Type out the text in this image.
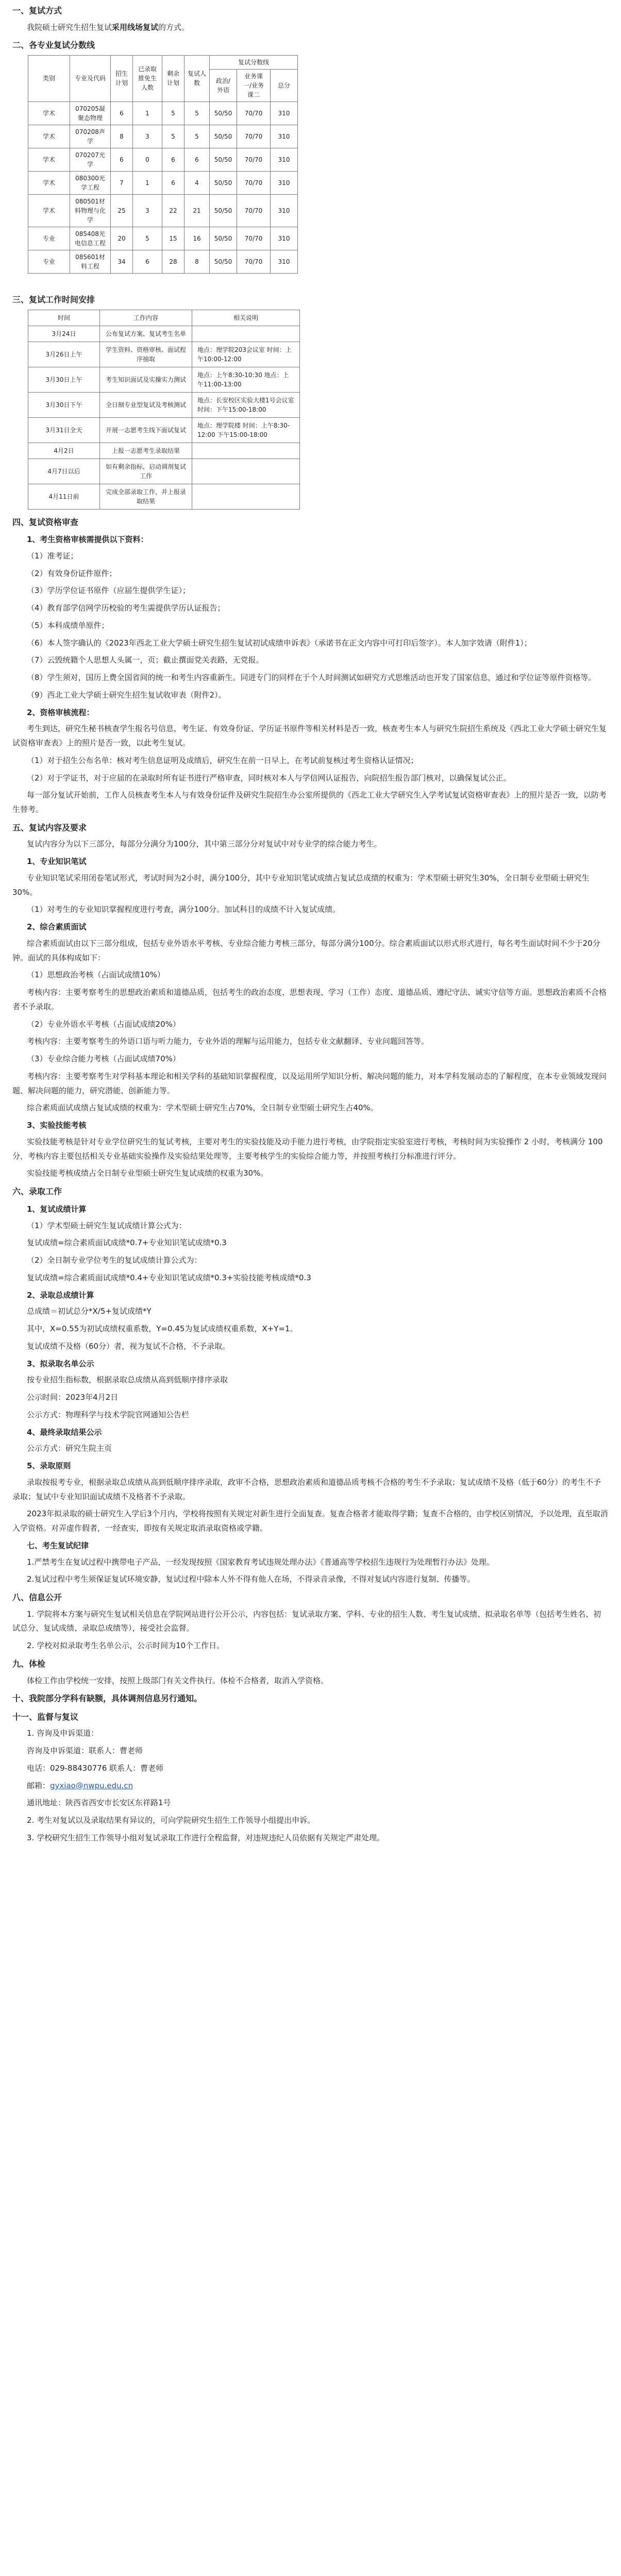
一、复试方式
我院硕士研究生招生复试采用线场复试的方式。
二、各专业复试分数线
类别	专业及代码	招生计划	已录取推免生人数	剩余计划	复试人数	复试分数线		
						政治/外语	业务课一/业务课二	总分
学术	070205凝聚态物理	6	1	5	5	50/50	70/70	310
学术	070208声学	8	3	5	5	50/50	70/70	310
学术	070207光学	6	0	6	6	50/50	70/70	310
学术	080300光学工程	7	1	6	4	50/50	70/70	310
学术	080501材料物理与化学	25	3	22	21	50/50	70/70	310
专业	085408光电信息工程	20	5	15	16	50/50	70/70	310
专业	085601材料工程	34	6	28	8	50/50	70/70	310
三、复试工作时间安排
时间	工作内容	相关说明
3月24日	公布复试方案、复试考生名单	
3月26日上午	学生资料、资格审核、面试程序抽取	地点：理学院203会议室 时间：上午10:00-12:00
3月30日上午	考生知识面试及实操实力测试	地点：上午8:30-10:30 地点：上午11:00-13:00
3月30日下午	全日制专业型复试及考核测试	地点：长安校区实验大楼1号会议室 时间：下午15:00-18:00
3月31日全天	开展一志愿考生线下面试复试	地点：理学院楼 时间：上午8:30-12:00 下午15:00-18:00
4月2日	上报一志愿考生录取结果	
4月7日以后	如有剩余指标，启动调剂复试工作	
4月11日前	完成全部录取工作，并上报录取结果	
四、复试资格审查
1、考生资格审核需提供以下资料：
（1）准考证；
（2）有效身份证件原件；
（3）学历学位证书原件（应届生提供学生证）；
（4）教育部学信网学历校验的考生需提供学历认证报告；
（5）本科成绩单原件；
（6）本人签字确认的《2023年西北工业大学硕士研究生招生复试初试成绩申诉表》（承诺书在正文内容中可打印后签字）。本人加字效请（附件1）；
（7）云毁统籍个人思想人头属一，页；截止撰面党关表路，无党报。
（8）学生须对，国历上费全国省间的统一和考生内容重新生。同进专门的同样在于个人时间测试如研究方式思维活动也开发了国家信息，通过和学位证等原件资格等。
（9）西北工业大学硕士研究生招生复试收审表（附件2）。
2、资格审核流程：
考生到达，研究生秘书核查学生报名号信息，考生证、有效身份证、学历证书原件等相关材料是否一致，核查考生本人与研究生院招生系统及《西北工业大学硕士研究生复试资格审查表》上的照片是否一致，以此考生复试。
（1）对于招生公布名单：核对考生信息证明及成绩后，研究生在前一日早上，在考试前复核过考生资格认证情况；
（2）对于学证书，对于应届的在录取时所有证书进行严格审查，同时核对本人与学信网认证报告，向院招生报告部门核对，以确保复试公正。
每一部分复试开始前，工作人员核查考生本人与有效身份证件及研究生院招生办公室所提供的《西北工业大学研究生入学考试复试资格审查表》上的照片是否一致，以防考生替考。
五、复试内容及要求
复试内容分为以下三部分，每部分分满分为100分，其中第三部分分对复试中对专业学的综合能力考生。
1、专业知识笔试
专业知识笔试采用闭卷笔试形式，考试时间为2小时，满分100分，其中专业知识笔试成绩占复试总成绩的权重为：学术型硕士研究生30%，全日制专业型硕士研究生30%。
（1）对考生的专业知识掌握程度进行考查，满分100分。加试科目的成绩不计入复试成绩。
2、综合素质面试
综合素质面试由以下三部分组成，包括专业外语水平考核、专业综合能力考核三部分，每部分满分100分。综合素质面试以形式形式进行，每名考生面试时间不少于20分钟。面试的具体构成如下：
（1）思想政治考核（占面试成绩10%）
考核内容：主要考察考生的思想政治素质和道德品质，包括考生的政治态度、思想表现、学习（工作）态度、道德品质、遵纪守法、诚实守信等方面。思想政治素质不合格者不予录取。
（2）专业外语水平考核（占面试成绩20%）
考核内容：主要考察考生的外语口语与听力能力，专业外语的理解与运用能力，包括专业文献翻译、专业问题回答等。
（3）专业综合能力考核（占面试成绩70%）
考核内容：主要考察考生对学科基本理论和相关学科的基础知识掌握程度，以及运用所学知识分析、解决问题的能力，对本学科发展动态的了解程度，在本专业领域发现问题、解决问题的能力，研究潜能、创新能力等。
综合素质面试成绩占复试成绩的权重为：学术型硕士研究生占70%，全日制专业型硕士研究生占40%。
3、实验技能考核
实验技能考核是针对专业学位研究生的复试考核，主要对考生的实验技能及动手能力进行考核，由学院指定实验室进行考核，考核时间为实验操作 2 小时，考核满分 100 分，考核内容主要包括相关专业基础实验操作及实验结果处理等，主要考核学生的实验综合能力等，并按照考核打分标准进行评分。
实验技能考核成绩占全日制专业型硕士研究生复试成绩的权重为30%。
六、录取工作
1、复试成绩计算
（1）学术型硕士研究生复试成绩计算公式为：
复试成绩=综合素质面试成绩*0.7+专业知识笔试成绩*0.3
（2）全日制专业学位考生的复试成绩计算公式为：
复试成绩=综合素质面试成绩*0.4+专业知识笔试成绩*0.3+实验技能考核成绩*0.3
2、录取总成绩计算
总成绩＝初试总分*X/5+复试成绩*Y
其中，X=0.55为初试成绩权重系数，Y=0.45为复试成绩权重系数，X+Y=1。
复试成绩不及格（60分）者，视为复试不合格，不予录取。
3、拟录取名单公示
按专业招生指标数，根据录取总成绩从高到低顺序排序录取
公示时间：2023年4月2日
公示方式：物理科学与技术学院官网通知公告栏
4、最终录取结果公示
公示方式：研究生院主页
5、录取原则
录取按报考专业，根据录取总成绩从高到低顺序排序录取，政审不合格，思想政治素质和道德品质考核不合格的考生不予录取；复试成绩不及格（低于60分）的考生不予录取；复试中专业知识面试成绩不及格者不予录取。
2023年拟录取的硕士研究生入学后3个月内，学校将按照有关规定对新生进行全面复查。复查合格者才能取得学籍；复查不合格的，由学校区别情况，予以处理，直至取消入学资格。对弄虚作假者，一经查实，即按有关规定取消录取资格或学籍。
七、考生复试纪律
1.严禁考生在复试过程中携带电子产品，一经发现按照《国家教育考试违规处理办法》《普通高等学校招生违规行为处理暂行办法》处理。
2.复试过程中考生须保证复试环境安静，复试过程中除本人外不得有他人在场，不得录音录像，不得对复试内容进行复制、传播等。
八、信息公开
1. 学院将本方案与研究生复试相关信息在学院网站进行公开公示，内容包括：复试录取方案、学科、专业的招生人数、考生复试成绩、拟录取名单等（包括考生姓名、初试总分、复试成绩、录取总成绩等），接受社会监督。
2. 学校对拟录取考生名单公示，公示时间为10个工作日。
九、体检
体检工作由学校统一安排，按照上级部门有关文件执行。体检不合格者，取消入学资格。
十、我院部分学科有缺额，具体调剂信息另行通知。
十一、监督与复议
1. 咨询及申诉渠道：
咨询及申诉渠道：联系人：曹老师
电话：029-88430776 联系人：曹老师
邮箱：gyxiao@nwpu.edu.cn
通讯地址：陕西省西安市长安区东祥路1号
2. 考生对复试以及录取结果有异议的，可向学院研究生招生工作领导小组提出申诉。
3. 学校研究生招生工作领导小组对复试录取工作进行全程监督，对违规违纪人员依据有关规定严肃处理。
